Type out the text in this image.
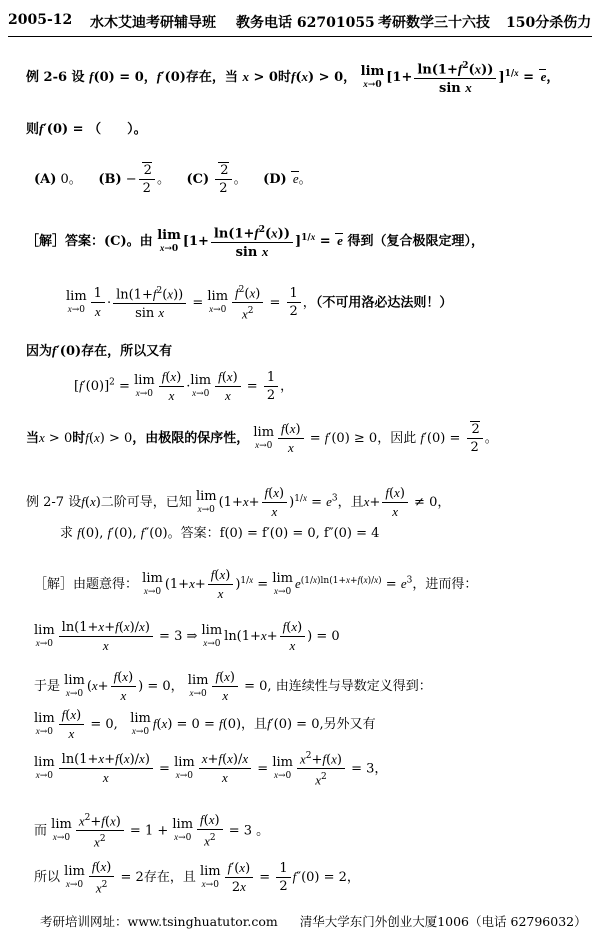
2005-12 水木艾迪考研辅导班 教务电话 62701055 考研数学三十六技 150分杀伤力
例 2-6 设 f(0) = 0，f′(0)存在，当 x > 0时f(x) > 0， lim
x→0 $[1+ \frac{\ln(1+f^2(x))}{\text{sin x}} ]^{1/x} = e$，
则f′(0) = （　　）。
(A) 0。 $(B) - \frac{2}{2}$ 。    $(C) \frac{2}{2}$ 。    (D) e。
［解］答案：(C)。由 lim
x→0 $[1+ \frac{\ln(1+f^2(x))}{\text{sin x}} ]^{1/x} = e$ 得到（复合极限定理），
lim
$x\to 0 \frac{1}{x} \cdot \frac{\ln(1+f^2(x))}{\text{sin x}} = \lim$
$x\to 0 \frac{f^2(x)}{x^2} = \frac{1}{2}$ ，（不可用洛必达法则！）
因为f′(0)存在，所以又有
$[f'(0)]^2 = \lim$
$x\to 0 \frac{f(x)}{x} \cdot\lim$
$x\to 0 \frac{f(x)}{x} = \frac{1}{2}$ ，
当x > 0时f(x) > 0，由极限的保序性， lim
$x\to 0 \frac{f(x)}{x} = f'(0) \ge 0$，因此 $f'(0) = \frac{2}{2}$ 。
例 2-7 设f(x)二阶可导，已知 lim
x→0 $(1+x+ \frac{f(x)}{x} )^{1/x} = e^3$，且$x+ \frac{f(x)}{x} \ne 0$，
求 f(0), f′(0), f″(0)。答案：f(0) = f′(0) = 0, f″(0) = 4
［解］由题意得： lim
x→0 $(1+x+ \frac{f(x)}{x} )^{1/x} = \lim$
x→0
$e^{(1/x)ln(1+x+f(x)/x)} = e^3$，进而得：
lim
$x\to 0 \frac{\ln(1+x+f(x)/x)}{x} = 3$ ⇒ lim
x→0 $\ln(1+x+ \frac{f(x)}{x}$ ) = 0
于是 lim
x→0 ($x+ \frac{f(x)}{x}$ ) = 0， lim
$x\to 0 \frac{f(x)}{x} = 0$, 由连续性与导数定义得到：
lim
$x\to 0 \frac{f(x)}{x} = 0$,   lim
x→0
f(x) = 0 = f(0)，且f′(0) = 0,另外又有
lim
$x\to 0 \frac{\ln(1+x+f(x)/x)}{x} = \lim$
$x\to 0 \frac{x+f(x)/x}{x} = \lim$
$x\to 0 \frac{x^2+f(x)}{x^2} = 3$，
而 lim
$x\to 0 \frac{x^2+f(x)}{x^2} = 1 + \lim$
$x\to 0 \frac{f(x)}{x^2} = 3$ 。
所以 lim
$x\to 0 \frac{f(x)}{x^2} = 2$存在，且 lim
$x\to 0 \frac{f'(x)}{2x} = \frac{1}{2} f''(0) = 2$，
考研培训网址：www.tsinghuatutor.com 清华大学东门外创业大厦1006（电话 62796032）
